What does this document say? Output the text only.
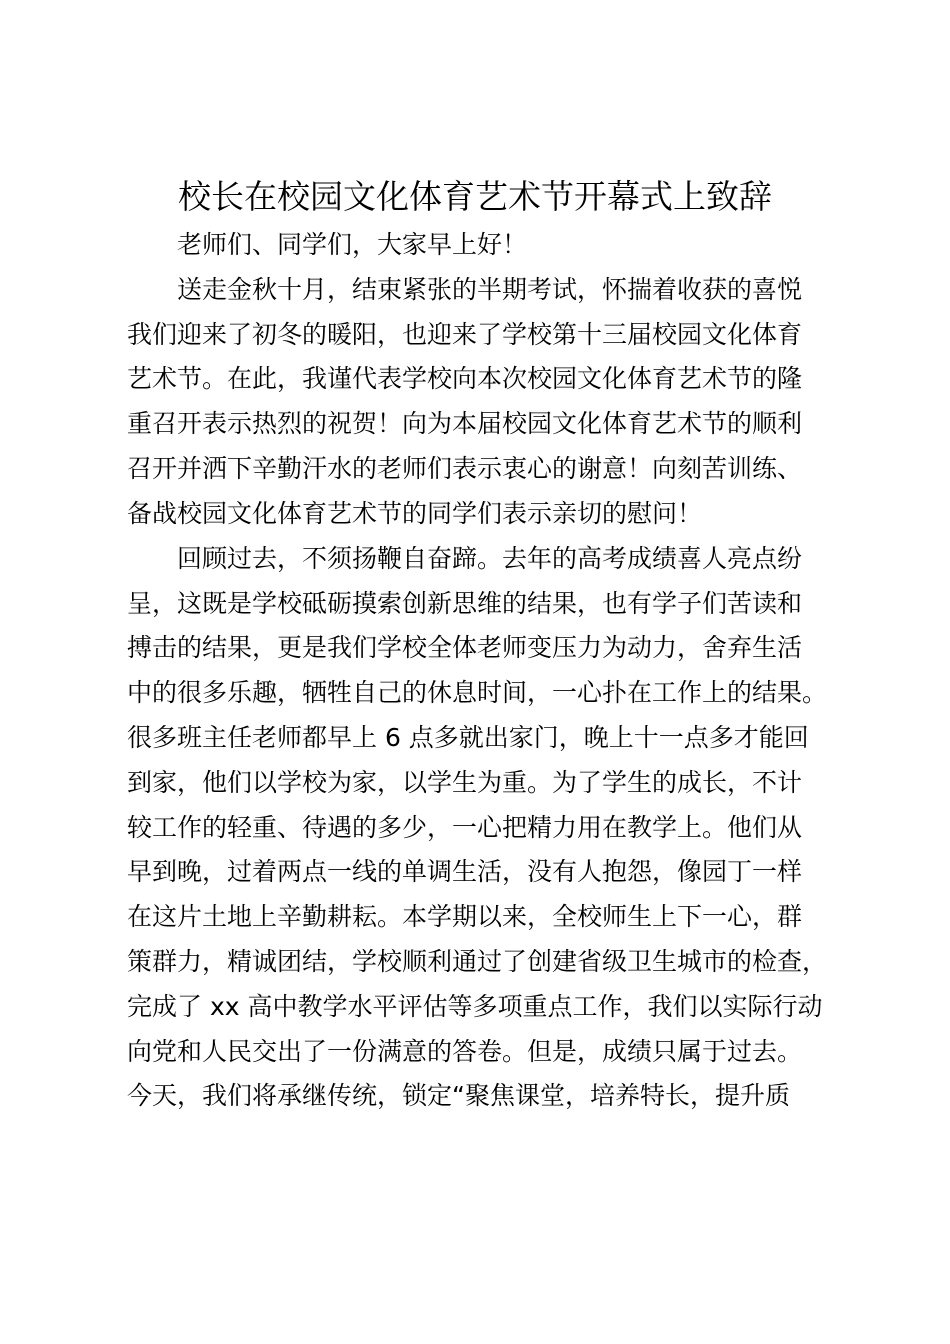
校长在校园文化体育艺术节开幕式上致辞

　　老师们、同学们，大家早上好！

　　送走金秋十月，结束紧张的半期考试，怀揣着收获的喜悦

我们迎来了初冬的暖阳，也迎来了学校第十三届校园文化体育

艺术节。在此，我谨代表学校向本次校园文化体育艺术节的隆

重召开表示热烈的祝贺！向为本届校园文化体育艺术节的顺利

召开并洒下辛勤汗水的老师们表示衷心的谢意！向刻苦训练、

备战校园文化体育艺术节的同学们表示亲切的慰问！

　　回顾过去，不须扬鞭自奋蹄。去年的高考成绩喜人亮点纷

呈，这既是学校砥砺摸索创新思维的结果，也有学子们苦读和

搏击的结果，更是我们学校全体老师变压力为动力，舍弃生活

中的很多乐趣，牺牲自己的休息时间，一心扑在工作上的结果。

很多班主任老师都早上 6 点多就出家门，晚上十一点多才能回

到家，他们以学校为家，以学生为重。为了学生的成长，不计

较工作的轻重、待遇的多少，一心把精力用在教学上。他们从

早到晚，过着两点一线的单调生活，没有人抱怨，像园丁一样

在这片土地上辛勤耕耘。本学期以来，全校师生上下一心，群

策群力，精诚团结，学校顺利通过了创建省级卫生城市的检查，

完成了 xx 高中教学水平评估等多项重点工作，我们以实际行动

向党和人民交出了一份满意的答卷。但是，成绩只属于过去。

今天，我们将承继传统，锁定“聚焦课堂，培养特长，提升质
